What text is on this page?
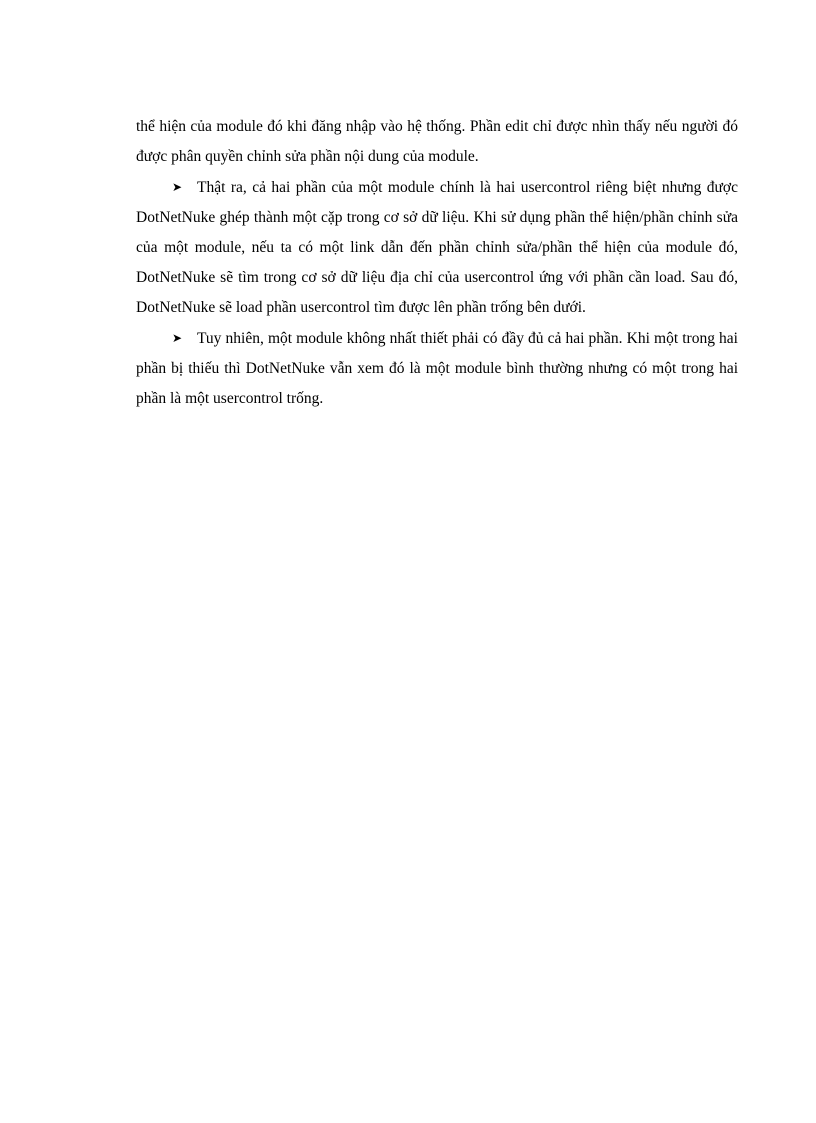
thể hiện của module đó khi đăng nhập vào hệ thống. Phần edit chỉ được nhìn thấy nếu người đó được phân quyền chỉnh sửa phần nội dung của module.

➤ Thật ra, cả hai phần của một module chính là hai usercontrol riêng biệt nhưng được DotNetNuke ghép thành một cặp trong cơ sở dữ liệu. Khi sử dụng phần thể hiện/phần chỉnh sửa của một module, nếu ta có một link dẫn đến phần chỉnh sửa/phần thể hiện của module đó, DotNetNuke sẽ tìm trong cơ sở dữ liệu địa chỉ của usercontrol ứng với phần cần load. Sau đó, DotNetNuke sẽ load phần usercontrol tìm được lên phần trống bên dưới.

➤ Tuy nhiên, một module không nhất thiết phải có đầy đủ cả hai phần. Khi một trong hai phần bị thiếu thì DotNetNuke vẫn xem đó là một module bình thường nhưng có một trong hai phần là một usercontrol trống.
